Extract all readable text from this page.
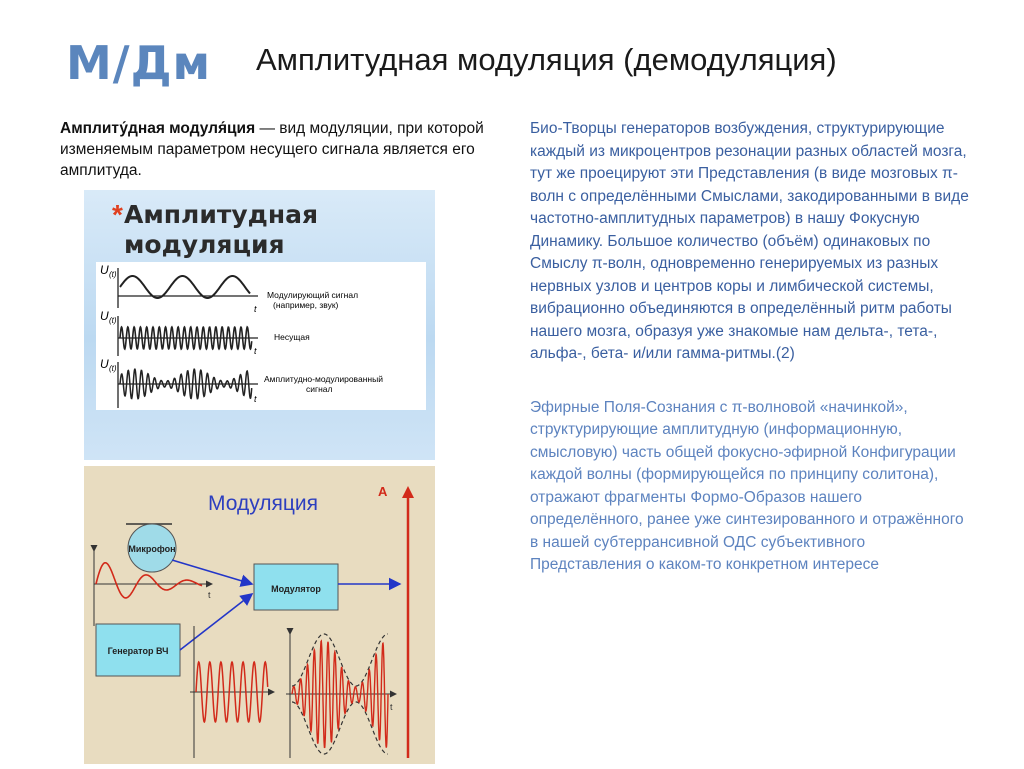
М/Дм Амплитудная модуляция (демодуляция)
Амплиту́дная модуля́ция — вид модуляции, при которой изменяемым параметром несущего сигнала является его амплитуда.

Био-Творцы генераторов возбуждения, структурирующие каждый из микроцентров резонации разных областей мозга, тут же проецируют эти Представления (в виде мозговых π-волн с определёнными Смыслами, закодированными в виде частотно-амплитудных параметров) в нашу Фокусную Динамику. Большое количество (объём) одинаковых по Смыслу π-волн, одновременно генерируемых из разных нервных узлов и центров коры и лимбической системы, вибрационно объединяются в определённый ритм работы нашего мозга, образуя уже знакомые нам дельта-, тета-, альфа-, бета- и/или гамма-ритмы.(2)

Эфирные Поля-Сознания с π-волновой «начинкой», структурирующие амплитудную (информационную, смысловую) часть общей фокусно-эфирной Конфигурации каждой волны (формирующейся по принципу солитона), отражают фрагменты Формо-Образов нашего определённого, ранее уже синтезированного и отражённого в нашей субтеррансивной ОДС субъективного Представления о каком-то конкретном интересе

* Амплитудная
модуляция
U (t)
t
Модулирующий сигнал
(например, звук)
U (t)
t
Несущая
U (t)
t
Амплитудно-модулированный
сигнал
Модуляция
A
Микрофон
t
Модулятор
Генератор ВЧ
t
